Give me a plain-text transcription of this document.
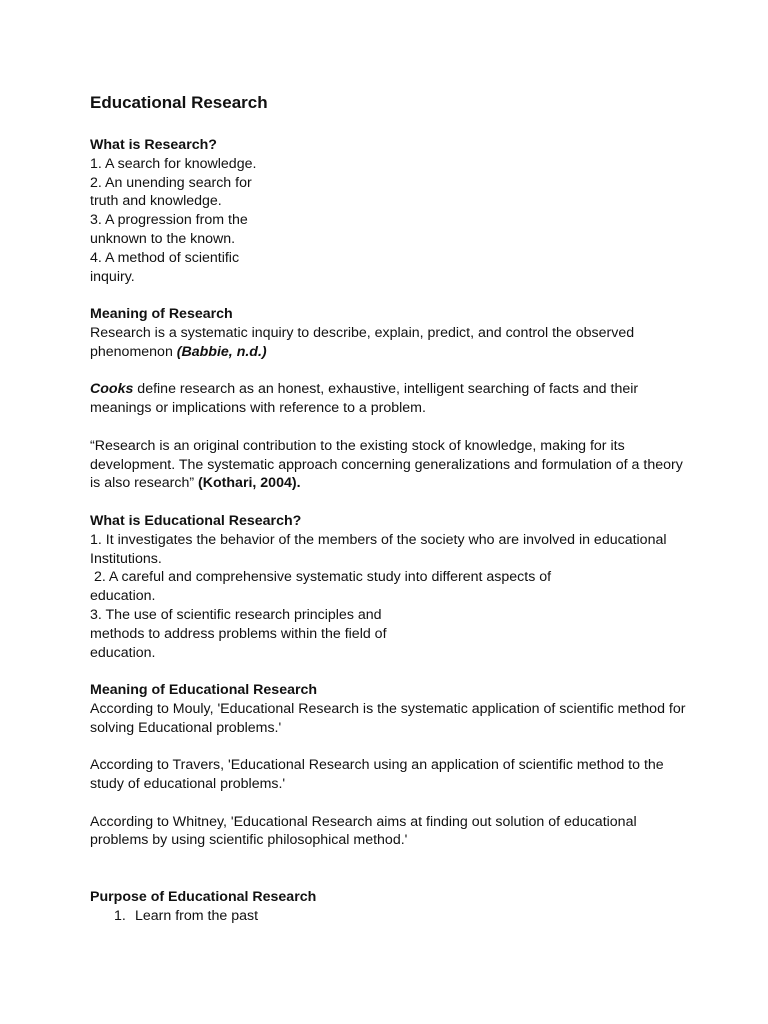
Educational Research
What is Research?
1. A search for knowledge.
2. An unending search for
truth and knowledge.
3. A progression from the
unknown to the known.
4. A method of scientific
inquiry.
Meaning of Research
Research is a systematic inquiry to describe, explain, predict, and control the observed
phenomenon (Babbie, n.d.)
Cooks define research as an honest, exhaustive, intelligent searching of facts and their
meanings or implications with reference to a problem.
“Research is an original contribution to the existing stock of knowledge, making for its
development. The systematic approach concerning generalizations and formulation of a theory
is also research” (Kothari, 2004).
What is Educational Research?
1. It investigates the behavior of the members of the society who are involved in educational
Institutions.
2. A careful and comprehensive systematic study into different aspects of
education.
3. The use of scientific research principles and
methods to address problems within the field of
education.
Meaning of Educational Research
According to Mouly, 'Educational Research is the systematic application of scientific method for
solving Educational problems.'
According to Travers, 'Educational Research using an application of scientific method to the
study of educational problems.'
According to Whitney, 'Educational Research aims at finding out solution of educational
problems by using scientific philosophical method.'
Purpose of Educational Research
1. Learn from the past
